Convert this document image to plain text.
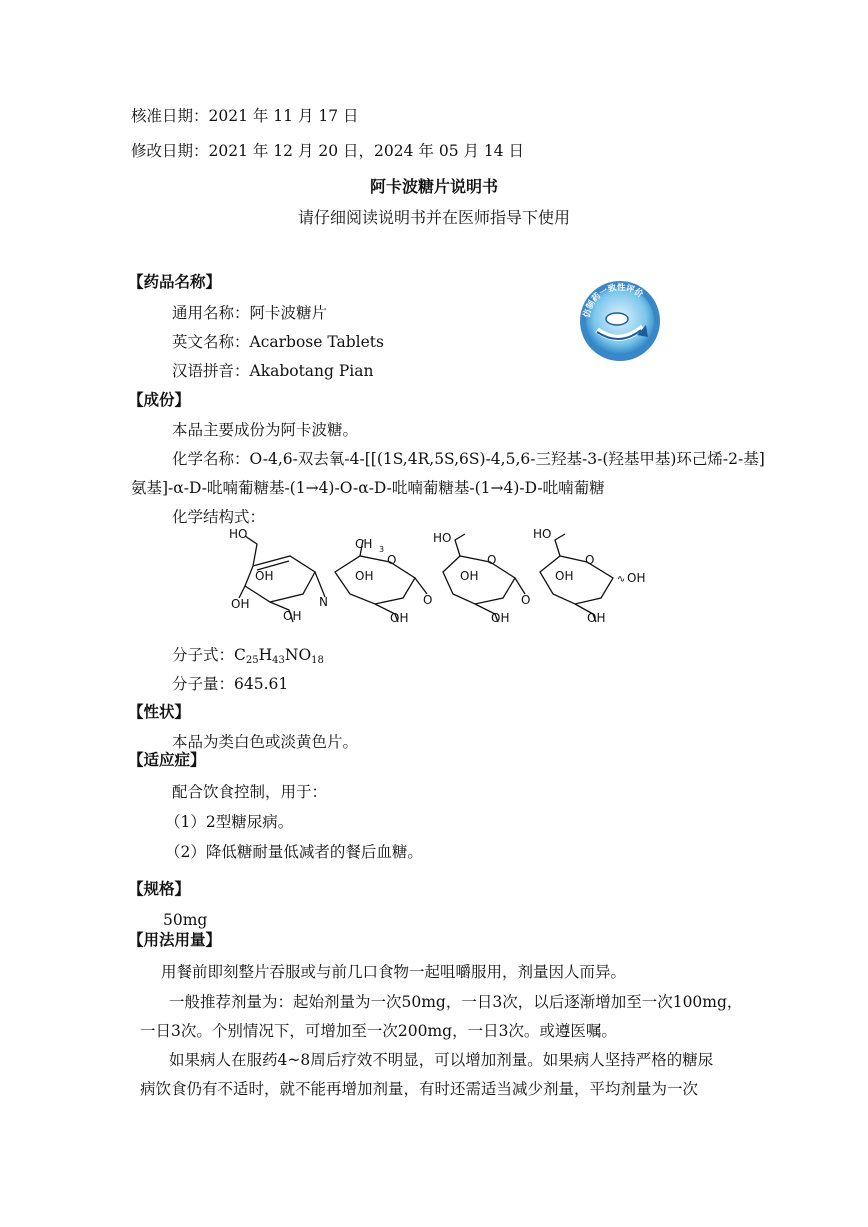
核准日期：2021 年 11 月 17 日
修改日期：2021 年 12 月 20 日，2024 年 05 月 14 日
阿卡波糖片说明书
请仔细阅读说明书并在医师指导下使用
【药品名称】
通用名称：阿卡波糖片
英文名称：Acarbose Tablets
汉语拼音：Akabotang Pian
仿制药一致性评价
【成份】
本品主要成份为阿卡波糖。
化学名称：O-4,6-双去氧-4-[[(1S,4R,5S,6S)-4,5,6-三羟基-3-(羟基甲基)环己烯-2-基]
氨基]-α-D-吡喃葡糖基-(1→4)-O-α-D-吡喃葡糖基-(1→4)-D-吡喃葡糖
化学结构式：
HO
OH
OH
OH
N
CH 3
O
OH
OH
O
HO
O
OH
OH
O
HO
O
OH	∿ OH
OH
分子式：$C_{25}H_{43}NO_{18}$
分子量：645.61
【性状】
本品为类白色或淡黄色片。
【适应症】
配合饮食控制，用于：
（1）2型糖尿病。
（2）降低糖耐量低减者的餐后血糖。
【规格】
50mg
【用法用量】
用餐前即刻整片吞服或与前几口食物一起咀嚼服用，剂量因人而异。
一般推荐剂量为：起始剂量为一次50mg，一日3次，以后逐渐增加至一次100mg，
一日3次。个别情况下，可增加至一次200mg，一日3次。或遵医嘱。
如果病人在服药4~8周后疗效不明显，可以增加剂量。如果病人坚持严格的糖尿
病饮食仍有不适时，就不能再增加剂量，有时还需适当减少剂量，平均剂量为一次
